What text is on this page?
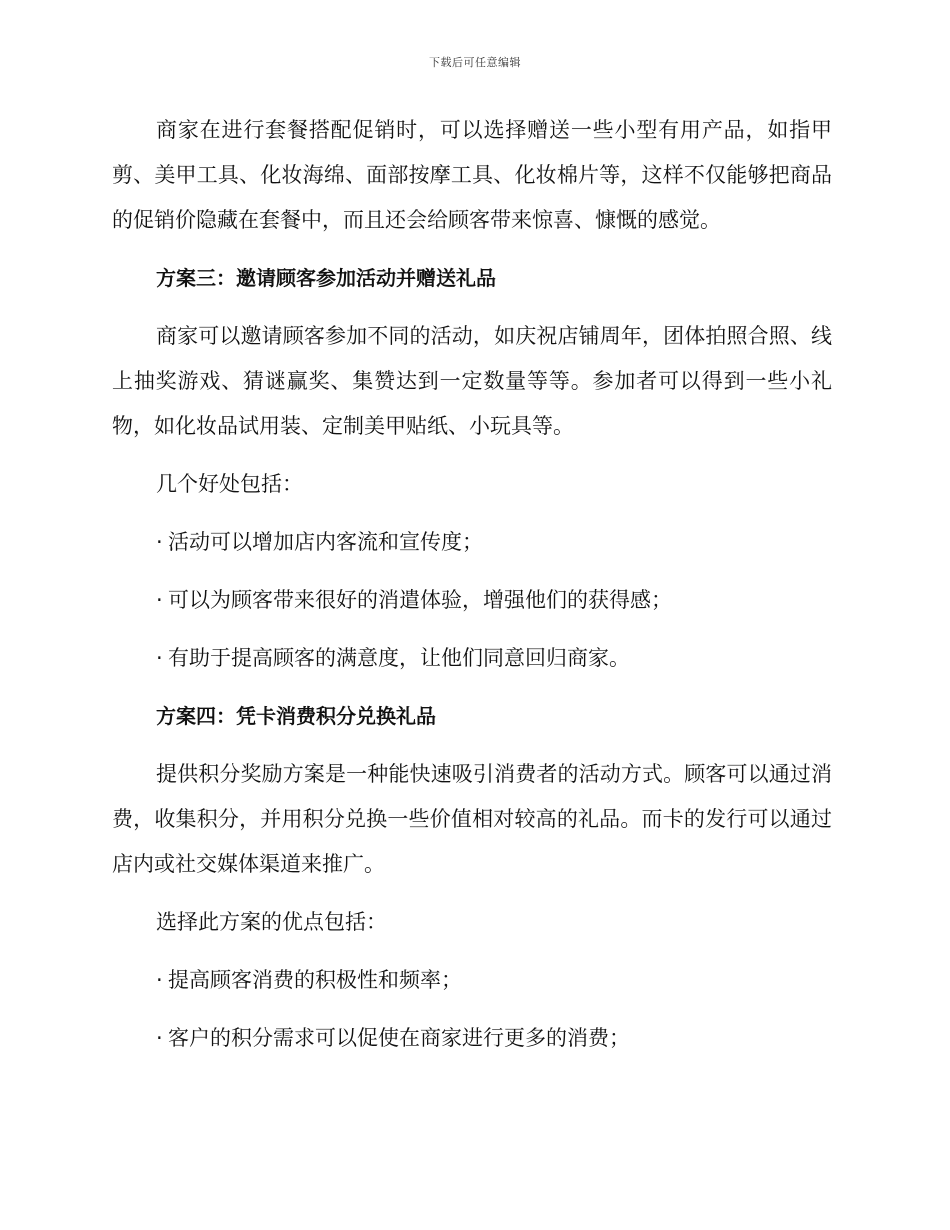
下载后可任意编辑

商家在进行套餐搭配促销时，可以选择赠送一些小型有用产品，如指甲剪、美甲工具、化妆海绵、面部按摩工具、化妆棉片等，这样不仅能够把商品的促销价隐藏在套餐中，而且还会给顾客带来惊喜、慷慨的感觉。

方案三：邀请顾客参加活动并赠送礼品

商家可以邀请顾客参加不同的活动，如庆祝店铺周年，团体拍照合照、线上抽奖游戏、猜谜赢奖、集赞达到一定数量等等。参加者可以得到一些小礼物，如化妆品试用装、定制美甲贴纸、小玩具等。

几个好处包括：

· 活动可以增加店内客流和宣传度；

· 可以为顾客带来很好的消遣体验，增强他们的获得感；

· 有助于提高顾客的满意度，让他们同意回归商家。

方案四：凭卡消费积分兑换礼品

提供积分奖励方案是一种能快速吸引消费者的活动方式。顾客可以通过消费，收集积分，并用积分兑换一些价值相对较高的礼品。而卡的发行可以通过店内或社交媒体渠道来推广。

选择此方案的优点包括：

· 提高顾客消费的积极性和频率；

· 客户的积分需求可以促使在商家进行更多的消费；
